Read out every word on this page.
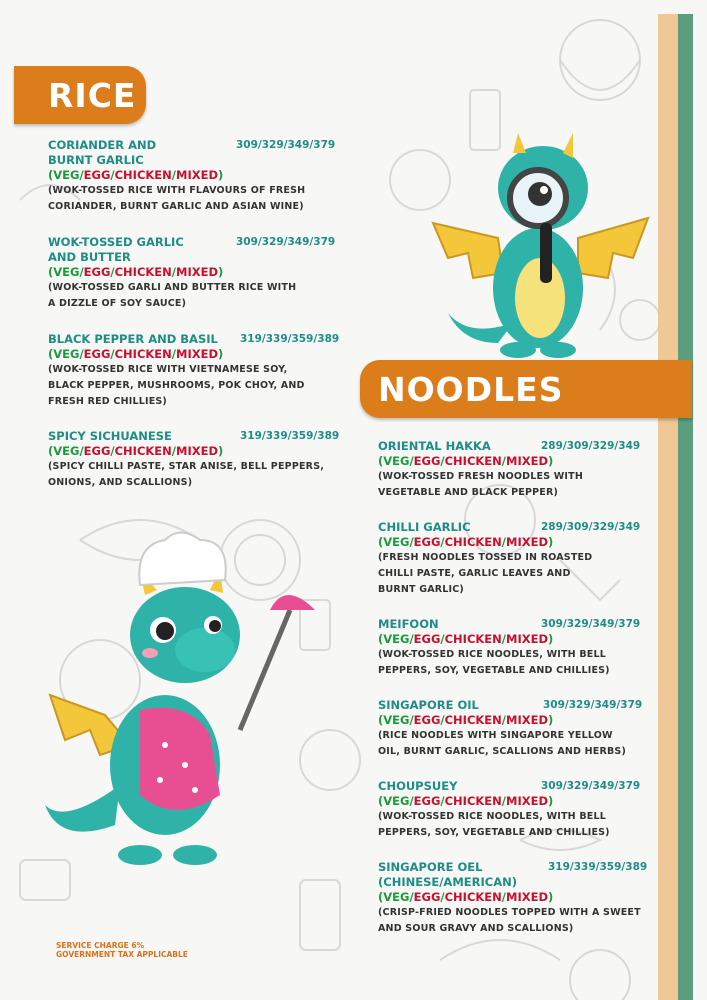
RICE
CORIANDER AND
BURNT GARLIC
309/329/349/379
(VEG/EGG/CHICKEN/MIXED)
(WOK-TOSSED RICE WITH FLAVOURS OF FRESH
CORIANDER, BURNT GARLIC AND ASIAN WINE)
WOK-TOSSED GARLIC
AND BUTTER
309/329/349/379
(VEG/EGG/CHICKEN/MIXED)
(WOK-TOSSED GARLI AND BUTTER RICE WITH
A DIZZLE OF SOY SAUCE)
BLACK PEPPER AND BASIL	319/339/359/389
(VEG/EGG/CHICKEN/MIXED)
(WOK-TOSSED RICE WITH VIETNAMESE SOY,
BLACK PEPPER, MUSHROOMS, POK CHOY, AND
FRESH RED CHILLIES)
SPICY SICHUANESE	319/339/359/389
(VEG/EGG/CHICKEN/MIXED)
(SPICY CHILLI PASTE, STAR ANISE, BELL PEPPERS,
ONIONS, AND SCALLIONS)
NOODLES
ORIENTAL HAKKA	289/309/329/349
(VEG/EGG/CHICKEN/MIXED)
(WOK-TOSSED FRESH NOODLES WITH
VEGETABLE AND BLACK PEPPER)
CHILLI GARLIC	289/309/329/349
(VEG/EGG/CHICKEN/MIXED)
(FRESH NOODLES TOSSED IN ROASTED
CHILLI PASTE, GARLIC LEAVES AND
BURNT GARLIC)
MEIFOON	309/329/349/379
(VEG/EGG/CHICKEN/MIXED)
(WOK-TOSSED RICE NOODLES, WITH BELL
PEPPERS, SOY, VEGETABLE AND CHILLIES)
SINGAPORE OIL	309/329/349/379
(VEG/EGG/CHICKEN/MIXED)
(RICE NOODLES WITH SINGAPORE YELLOW
OIL, BURNT GARLIC, SCALLIONS AND HERBS)
CHOUPSUEY	309/329/349/379
(VEG/EGG/CHICKEN/MIXED)
(WOK-TOSSED RICE NOODLES, WITH BELL
PEPPERS, SOY, VEGETABLE AND CHILLIES)
SINGAPORE OEL
(CHINESE/AMERICAN)
319/339/359/389
(VEG/EGG/CHICKEN/MIXED)
(CRISP-FRIED NOODLES TOPPED WITH A SWEET
AND SOUR GRAVY AND SCALLIONS)
SERVICE CHARGE 6%
GOVERNMENT TAX APPLICABLE
